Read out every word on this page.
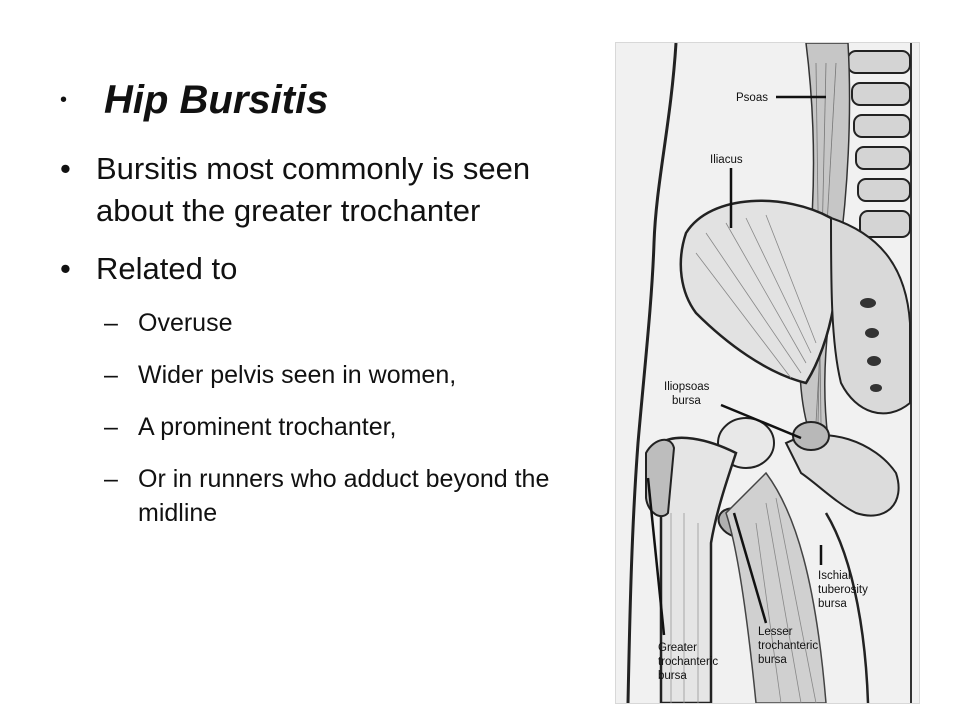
• Hip Bursitis
• Bursitis most commonly is seen about the greater trochanter
• Related to
– Overuse
– Wider pelvis seen in women,
– A prominent trochanter,
– Or in runners who adduct beyond the midline
Psoas
Iliacus
Iliopsoas
bursa
Ischial
tuberosity
bursa
Lesser
trochanteric
bursa
Greater
trochanteric
bursa
